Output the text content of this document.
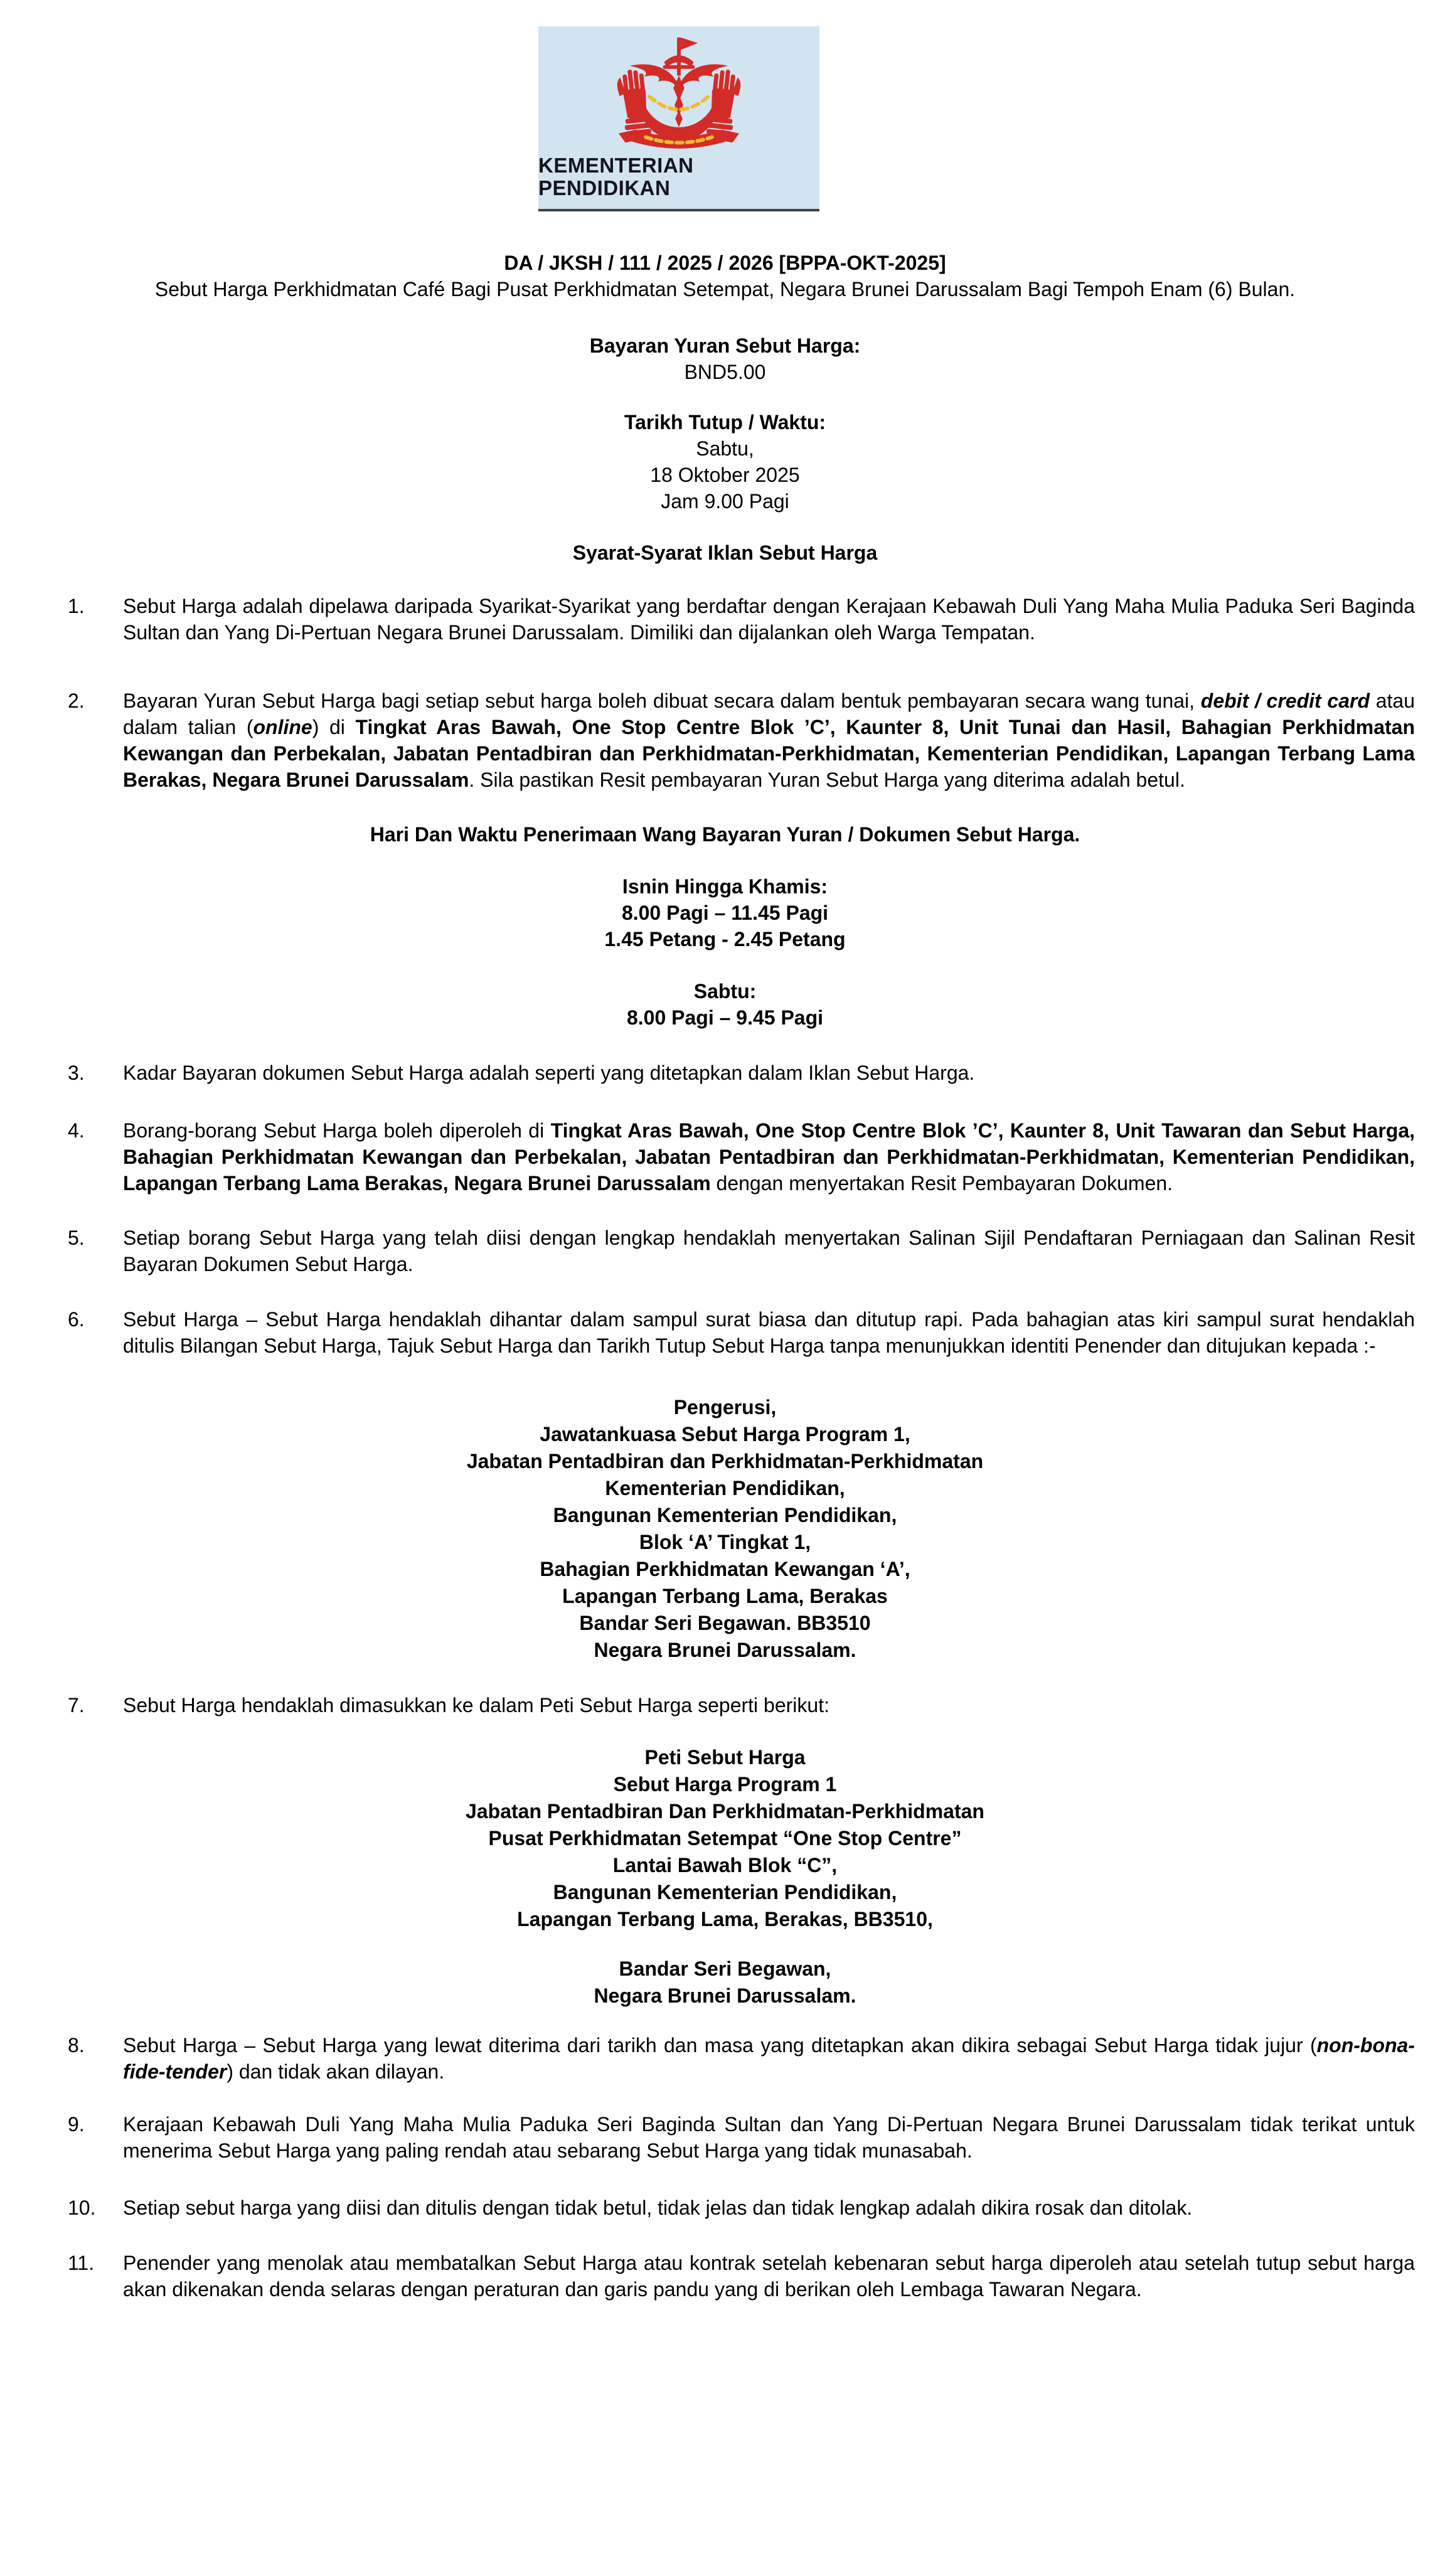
KEMENTERIAN PENDIDIKAN
DA / JKSH / 111 / 2025 / 2026 [BPPA-OKT-2025]
Sebut Harga Perkhidmatan Café Bagi Pusat Perkhidmatan Setempat, Negara Brunei Darussalam Bagi Tempoh Enam (6) Bulan.
Bayaran Yuran Sebut Harga:
BND5.00
Tarikh Tutup / Waktu:
Sabtu,
18 Oktober 2025
Jam 9.00 Pagi
Syarat-Syarat Iklan Sebut Harga
1.	Sebut Harga adalah dipelawa daripada Syarikat-Syarikat yang berdaftar dengan Kerajaan Kebawah Duli Yang Maha Mulia Paduka Seri Baginda Sultan dan Yang Di-Pertuan Negara Brunei Darussalam. Dimiliki dan dijalankan oleh Warga Tempatan.
2.	Bayaran Yuran Sebut Harga bagi setiap sebut harga boleh dibuat secara dalam bentuk pembayaran secara wang tunai, debit / credit card atau dalam talian (online) di Tingkat Aras Bawah, One Stop Centre Blok ’C’, Kaunter 8, Unit Tunai dan Hasil, Bahagian Perkhidmatan Kewangan dan Perbekalan, Jabatan Pentadbiran dan Perkhidmatan-Perkhidmatan, Kementerian Pendidikan, Lapangan Terbang Lama Berakas, Negara Brunei Darussalam. Sila pastikan Resit pembayaran Yuran Sebut Harga yang diterima adalah betul.
Hari Dan Waktu Penerimaan Wang Bayaran Yuran / Dokumen Sebut Harga.
Isnin Hingga Khamis:
8.00 Pagi – 11.45 Pagi
1.45 Petang - 2.45 Petang
Sabtu:
8.00 Pagi – 9.45 Pagi
3.	Kadar Bayaran dokumen Sebut Harga adalah seperti yang ditetapkan dalam Iklan Sebut Harga.
4.	Borang-borang Sebut Harga boleh diperoleh di Tingkat Aras Bawah, One Stop Centre Blok ’C’, Kaunter 8, Unit Tawaran dan Sebut Harga, Bahagian Perkhidmatan Kewangan dan Perbekalan, Jabatan Pentadbiran dan Perkhidmatan-Perkhidmatan, Kementerian Pendidikan, Lapangan Terbang Lama Berakas, Negara Brunei Darussalam dengan menyertakan Resit Pembayaran Dokumen.
5.	Setiap borang Sebut Harga yang telah diisi dengan lengkap hendaklah menyertakan Salinan Sijil Pendaftaran Perniagaan dan Salinan Resit Bayaran Dokumen Sebut Harga.
6.	Sebut Harga – Sebut Harga hendaklah dihantar dalam sampul surat biasa dan ditutup rapi. Pada bahagian atas kiri sampul surat hendaklah ditulis Bilangan Sebut Harga, Tajuk Sebut Harga dan Tarikh Tutup Sebut Harga tanpa menunjukkan identiti Penender dan ditujukan kepada :-
Pengerusi,
Jawatankuasa Sebut Harga Program 1,
Jabatan Pentadbiran dan Perkhidmatan-Perkhidmatan
Kementerian Pendidikan,
Bangunan Kementerian Pendidikan,
Blok ‘A’ Tingkat 1,
Bahagian Perkhidmatan Kewangan ‘A’,
Lapangan Terbang Lama, Berakas
Bandar Seri Begawan. BB3510
Negara Brunei Darussalam.
7.	Sebut Harga hendaklah dimasukkan ke dalam Peti Sebut Harga seperti berikut:
Peti Sebut Harga
Sebut Harga Program 1
Jabatan Pentadbiran Dan Perkhidmatan-Perkhidmatan
Pusat Perkhidmatan Setempat “One Stop Centre”
Lantai Bawah Blok “C”,
Bangunan Kementerian Pendidikan,
Lapangan Terbang Lama, Berakas, BB3510,
Bandar Seri Begawan,
Negara Brunei Darussalam.
8.	Sebut Harga – Sebut Harga yang lewat diterima dari tarikh dan masa yang ditetapkan akan dikira sebagai Sebut Harga tidak jujur (non-bona-fide-tender) dan tidak akan dilayan.
9.	Kerajaan Kebawah Duli Yang Maha Mulia Paduka Seri Baginda Sultan dan Yang Di-Pertuan Negara Brunei Darussalam tidak terikat untuk menerima Sebut Harga yang paling rendah atau sebarang Sebut Harga yang tidak munasabah.
10.	Setiap sebut harga yang diisi dan ditulis dengan tidak betul, tidak jelas dan tidak lengkap adalah dikira rosak dan ditolak.
11.	Penender yang menolak atau membatalkan Sebut Harga atau kontrak setelah kebenaran sebut harga diperoleh atau setelah tutup sebut harga akan dikenakan denda selaras dengan peraturan dan garis pandu yang di berikan oleh Lembaga Tawaran Negara.
